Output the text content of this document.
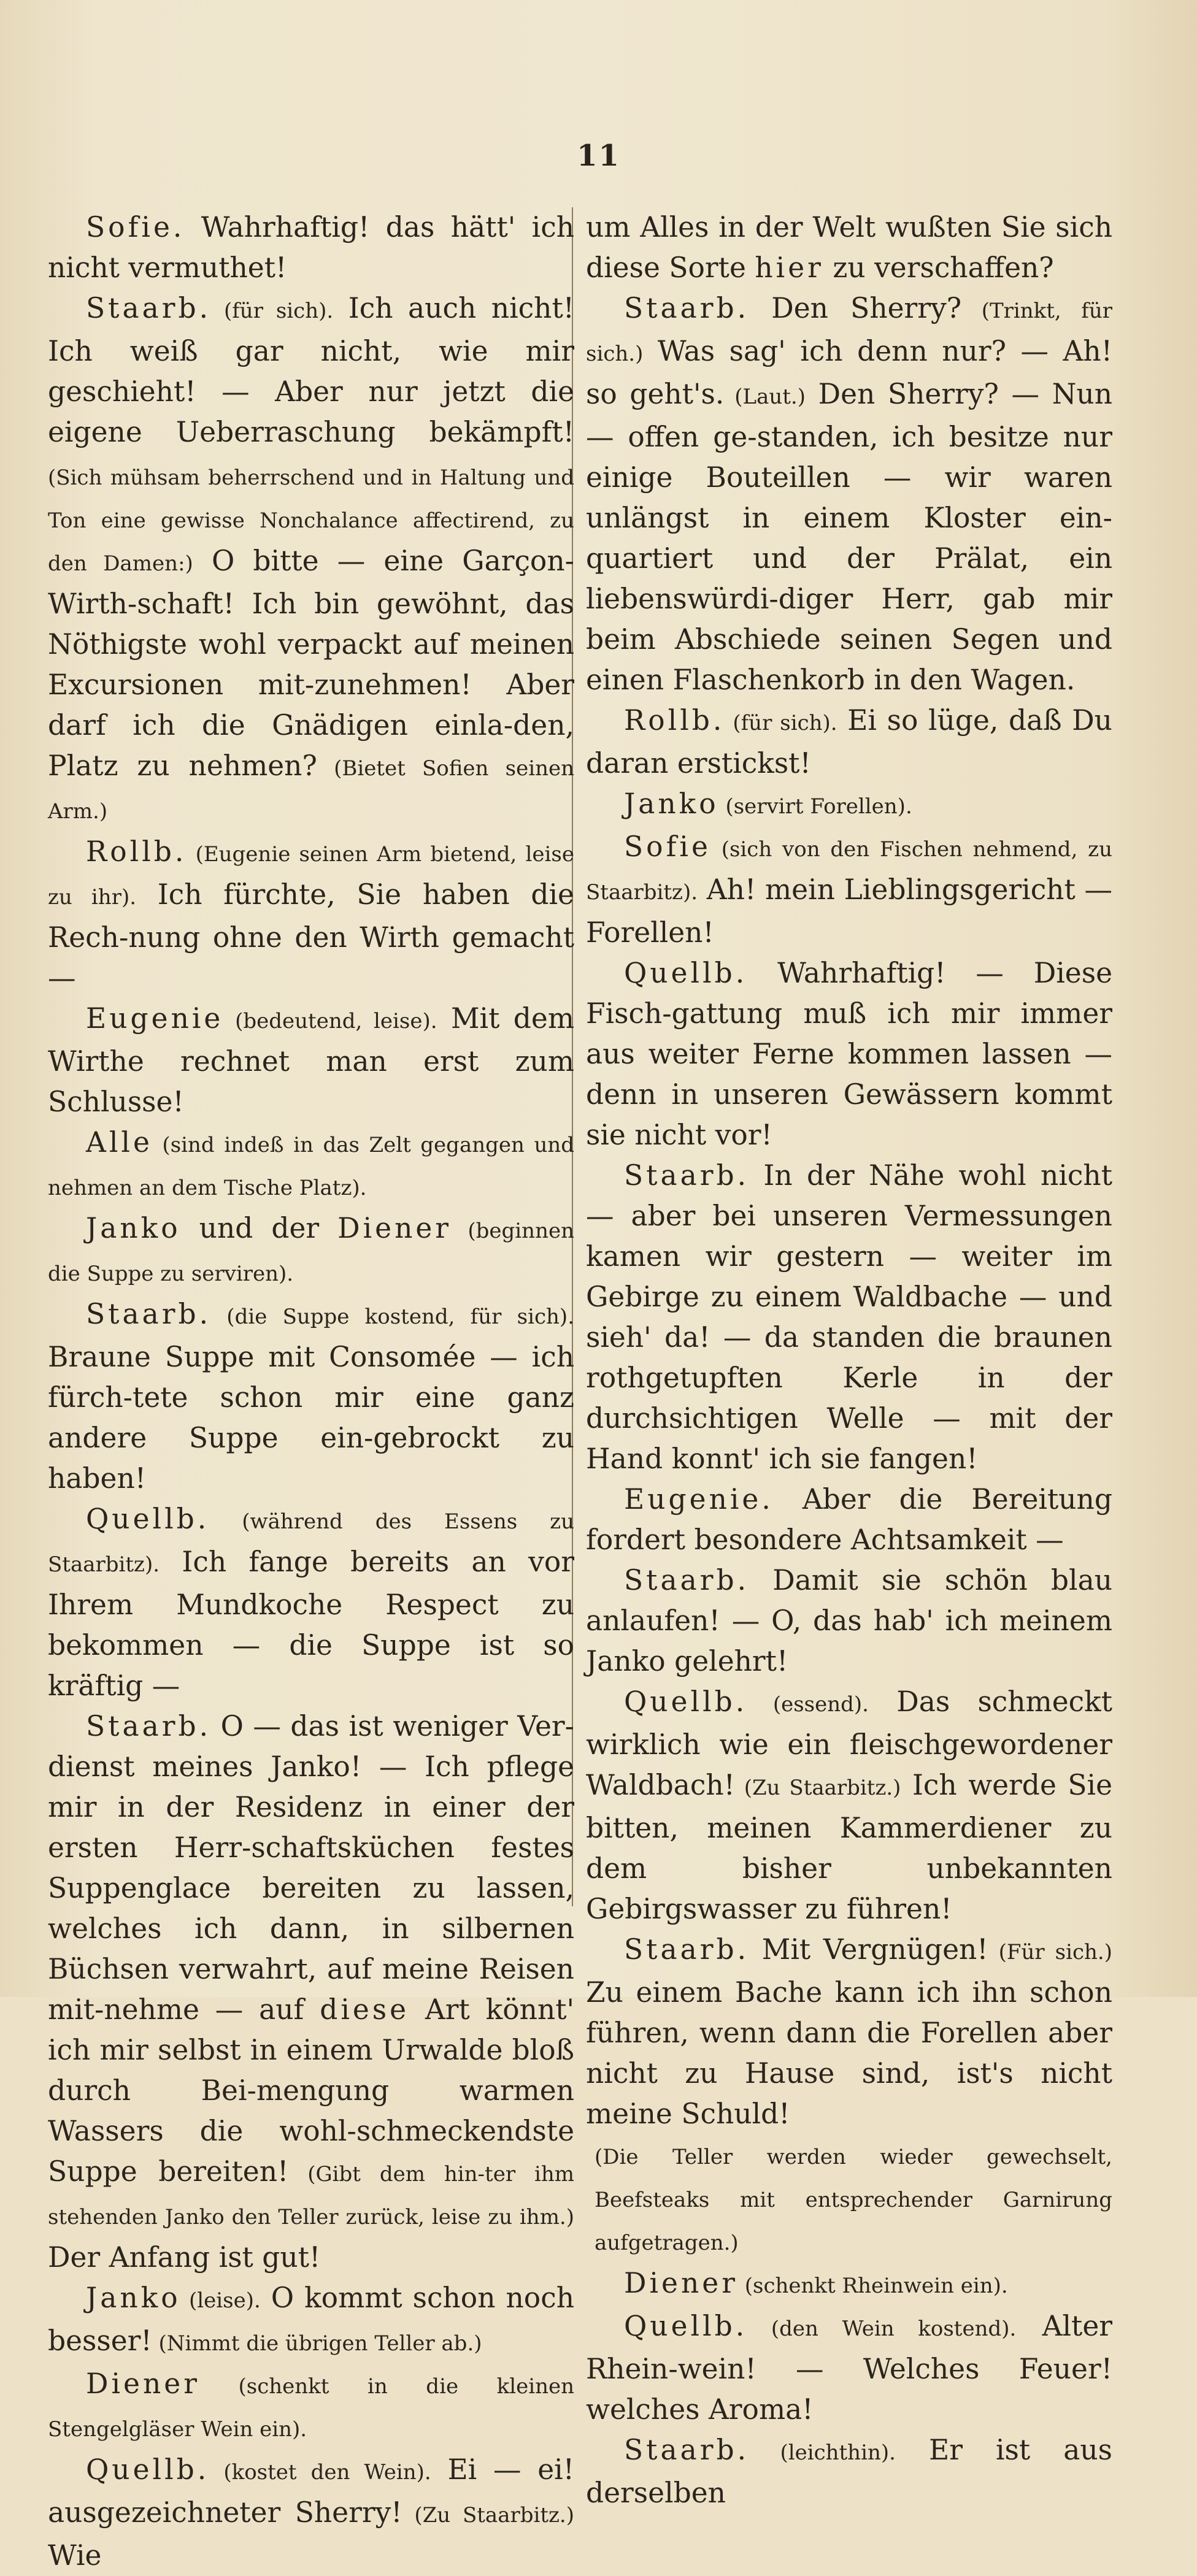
11

Sofie. Wahrhaftig! das hätt' ich nicht vermuthet!

Staarb. (für sich). Ich auch nicht! Ich weiß gar nicht, wie mir geschieht! — Aber nur jetzt die eigene Ueberraschung bekämpft! (Sich mühsam beherrschend und in Haltung und Ton eine gewisse Nonchalance affectirend, zu den Damen:) O bitte — eine Garçon-Wirth-schaft! Ich bin gewöhnt, das Nöthigste wohl verpackt auf meinen Excursionen mit-zunehmen! Aber darf ich die Gnädigen einla-den, Platz zu nehmen? (Bietet Sofien seinen Arm.)

Rollb. (Eugenie seinen Arm bietend, leise zu ihr). Ich fürchte, Sie haben die Rech-nung ohne den Wirth gemacht —

Eugenie (bedeutend, leise). Mit dem Wirthe rechnet man erst zum Schlusse!

Alle (sind indeß in das Zelt gegangen und nehmen an dem Tische Platz).

Janko und der Diener (beginnen die Suppe zu serviren).

Staarb. (die Suppe kostend, für sich). Braune Suppe mit Consomée — ich fürch-tete schon mir eine ganz andere Suppe ein-gebrockt zu haben!

Quellb. (während des Essens zu Staarbitz). Ich fange bereits an vor Ihrem Mundkoche Respect zu bekommen — die Suppe ist so kräftig —

Staarb. O — das ist weniger Ver-dienst meines Janko! — Ich pflege mir in der Residenz in einer der ersten Herr-schaftsküchen festes Suppenglace bereiten zu lassen, welches ich dann, in silbernen Büchsen verwahrt, auf meine Reisen mit-nehme — auf diese Art könnt' ich mir selbst in einem Urwalde bloß durch Bei-mengung warmen Wassers die wohl-schmeckendste Suppe bereiten! (Gibt dem hin-ter ihm stehenden Janko den Teller zurück, leise zu ihm.) Der Anfang ist gut!

Janko (leise). O kommt schon noch besser! (Nimmt die übrigen Teller ab.)

Diener (schenkt in die kleinen Stengelgläser Wein ein).

Quellb. (kostet den Wein). Ei — ei! ausgezeichneter Sherry! (Zu Staarbitz.) Wie

um Alles in der Welt wußten Sie sich diese Sorte hier zu verschaffen?

Staarb. Den Sherry? (Trinkt, für sich.) Was sag' ich denn nur? — Ah! so geht's. (Laut.) Den Sherry? — Nun — offen ge-standen, ich besitze nur einige Bouteillen — wir waren unlängst in einem Kloster ein-quartiert und der Prälat, ein liebenswürdi-diger Herr, gab mir beim Abschiede seinen Segen und einen Flaschenkorb in den Wagen.

Rollb. (für sich). Ei so lüge, daß Du daran erstickst!

Janko (servirt Forellen).

Sofie (sich von den Fischen nehmend, zu Staarbitz). Ah! mein Lieblingsgericht — Forellen!

Quellb. Wahrhaftig! — Diese Fisch-gattung muß ich mir immer aus weiter Ferne kommen lassen — denn in unseren Gewässern kommt sie nicht vor!

Staarb. In der Nähe wohl nicht — aber bei unseren Vermessungen kamen wir gestern — weiter im Gebirge zu einem Waldbache — und sieh' da! — da standen die braunen rothgetupften Kerle in der durchsichtigen Welle — mit der Hand konnt' ich sie fangen!

Eugenie. Aber die Bereitung fordert besondere Achtsamkeit —

Staarb. Damit sie schön blau anlaufen! — O, das hab' ich meinem Janko gelehrt!

Quellb. (essend). Das schmeckt wirklich wie ein fleischgewordener Waldbach! (Zu Staarbitz.) Ich werde Sie bitten, meinen Kammerdiener zu dem bisher unbekannten Gebirgswasser zu führen!

Staarb. Mit Vergnügen! (Für sich.) Zu einem Bache kann ich ihn schon führen, wenn dann die Forellen aber nicht zu Hause sind, ist's nicht meine Schuld!

(Die Teller werden wieder gewechselt, Beefsteaks mit entsprechender Garnirung aufgetragen.)

Diener (schenkt Rheinwein ein).

Quellb. (den Wein kostend). Alter Rhein-wein! — Welches Feuer! welches Aroma!

Staarb. (leichthin). Er ist aus derselben
